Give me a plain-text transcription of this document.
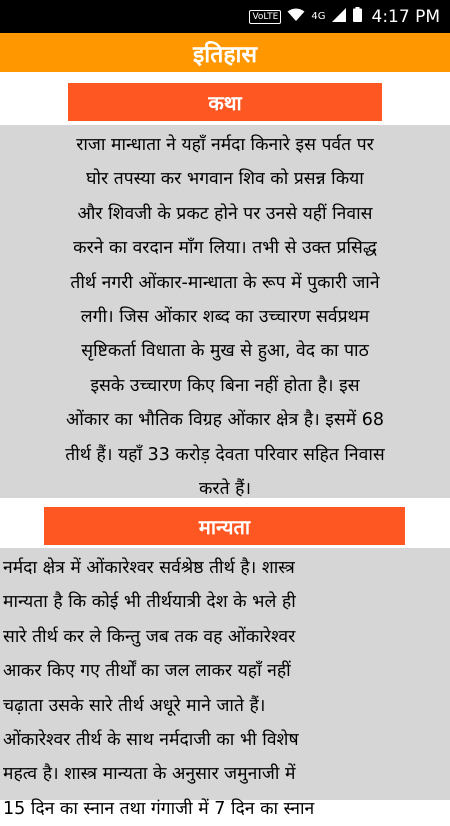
VoLTE	4G	4:17 PM
इतिहास
कथा
राजा मान्धाता ने यहाँ नर्मदा किनारे इस पर्वत पर
घोर तपस्या कर भगवान शिव को प्रसन्न किया
और शिवजी के प्रकट होने पर उनसे यहीं निवास
करने का वरदान माँग लिया। तभी से उक्त प्रसिद्ध
तीर्थ नगरी ओंकार-मान्धाता के रूप में पुकारी जाने
लगी। जिस ओंकार शब्द का उच्चारण सर्वप्रथम
सृष्टिकर्ता विधाता के मुख से हुआ, वेद का पाठ
इसके उच्चारण किए बिना नहीं होता है। इस
ओंकार का भौतिक विग्रह ओंकार क्षेत्र है। इसमें 68
तीर्थ हैं। यहाँ 33 करोड़ देवता परिवार सहित निवास
करते हैं।
मान्यता
नर्मदा क्षेत्र में ओंकारेश्वर सर्वश्रेष्ठ तीर्थ है। शास्त्र
मान्यता है कि कोई भी तीर्थयात्री देश के भले ही
सारे तीर्थ कर ले किन्तु जब तक वह ओंकारेश्वर
आकर किए गए तीर्थों का जल लाकर यहाँ नहीं
चढ़ाता उसके सारे तीर्थ अधूरे माने जाते हैं।
ओंकारेश्वर तीर्थ के साथ नर्मदाजी का भी विशेष
महत्व है। शास्त्र मान्यता के अनुसार जमुनाजी में
15 दिन का स्नान तथा गंगाजी में 7 दिन का स्नान
